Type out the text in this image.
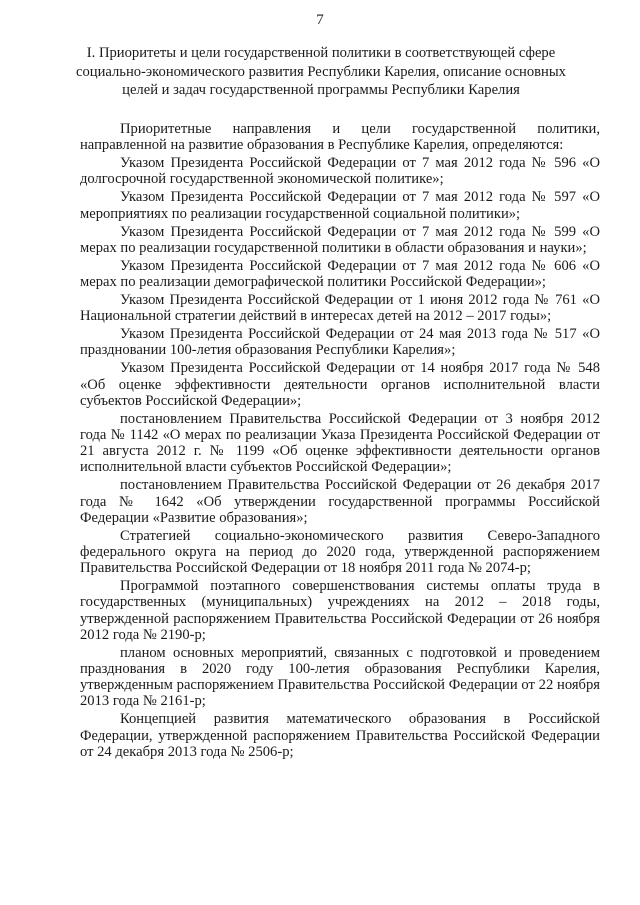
7
I. Приоритеты и цели государственной политики в соответствующей сфере социально-экономического развития Республики Карелия, описание основных целей и задач государственной программы Республики Карелия

Приоритетные направления и цели государственной политики, направленной на развитие образования в Республике Карелия, определяются:

Указом Президента Российской Федерации от 7 мая 2012 года № 596 «О долгосрочной государственной экономической политике»;

Указом Президента Российской Федерации от 7 мая 2012 года № 597 «О мероприятиях по реализации государственной социальной политики»;

Указом Президента Российской Федерации от 7 мая 2012 года № 599 «О мерах по реализации государственной политики в области образования и науки»;

Указом Президента Российской Федерации от 7 мая 2012 года № 606 «О мерах по реализации демографической политики Российской Федерации»;

Указом Президента Российской Федерации от 1 июня 2012 года № 761 «О Национальной стратегии действий в интересах детей на 2012 – 2017 годы»;

Указом Президента Российской Федерации от 24 мая 2013 года № 517 «О праздновании 100-летия образования Республики Карелия»;

Указом Президента Российской Федерации от 14 ноября 2017 года № 548 «Об оценке эффективности деятельности органов исполнительной власти субъектов Российской Федерации»;

постановлением Правительства Российской Федерации от 3 ноября 2012 года № 1142 «О мерах по реализации Указа Президента Российской Федерации от 21 августа 2012 г. № 1199 «Об оценке эффективности деятельности органов исполнительной власти субъектов Российской Федерации»;

постановлением Правительства Российской Федерации от 26 декабря 2017 года № 1642 «Об утверждении государственной программы Российской Федерации «Развитие образования»;

Стратегией социально-экономического развития Северо-Западного федерального округа на период до 2020 года, утвержденной распоряжением Правительства Российской Федерации от 18 ноября 2011 года № 2074-р;

Программой поэтапного совершенствования системы оплаты труда в государственных (муниципальных) учреждениях на 2012 – 2018 годы, утвержденной распоряжением Правительства Российской Федерации от 26 ноября 2012 года № 2190-р;

планом основных мероприятий, связанных с подготовкой и проведением празднования в 2020 году 100-летия образования Республики Карелия, утвержденным распоряжением Правительства Российской Федерации от 22 ноября 2013 года № 2161-р;

Концепцией развития математического образования в Российской Федерации, утвержденной распоряжением Правительства Российской Федерации от 24 декабря 2013 года № 2506-р;
